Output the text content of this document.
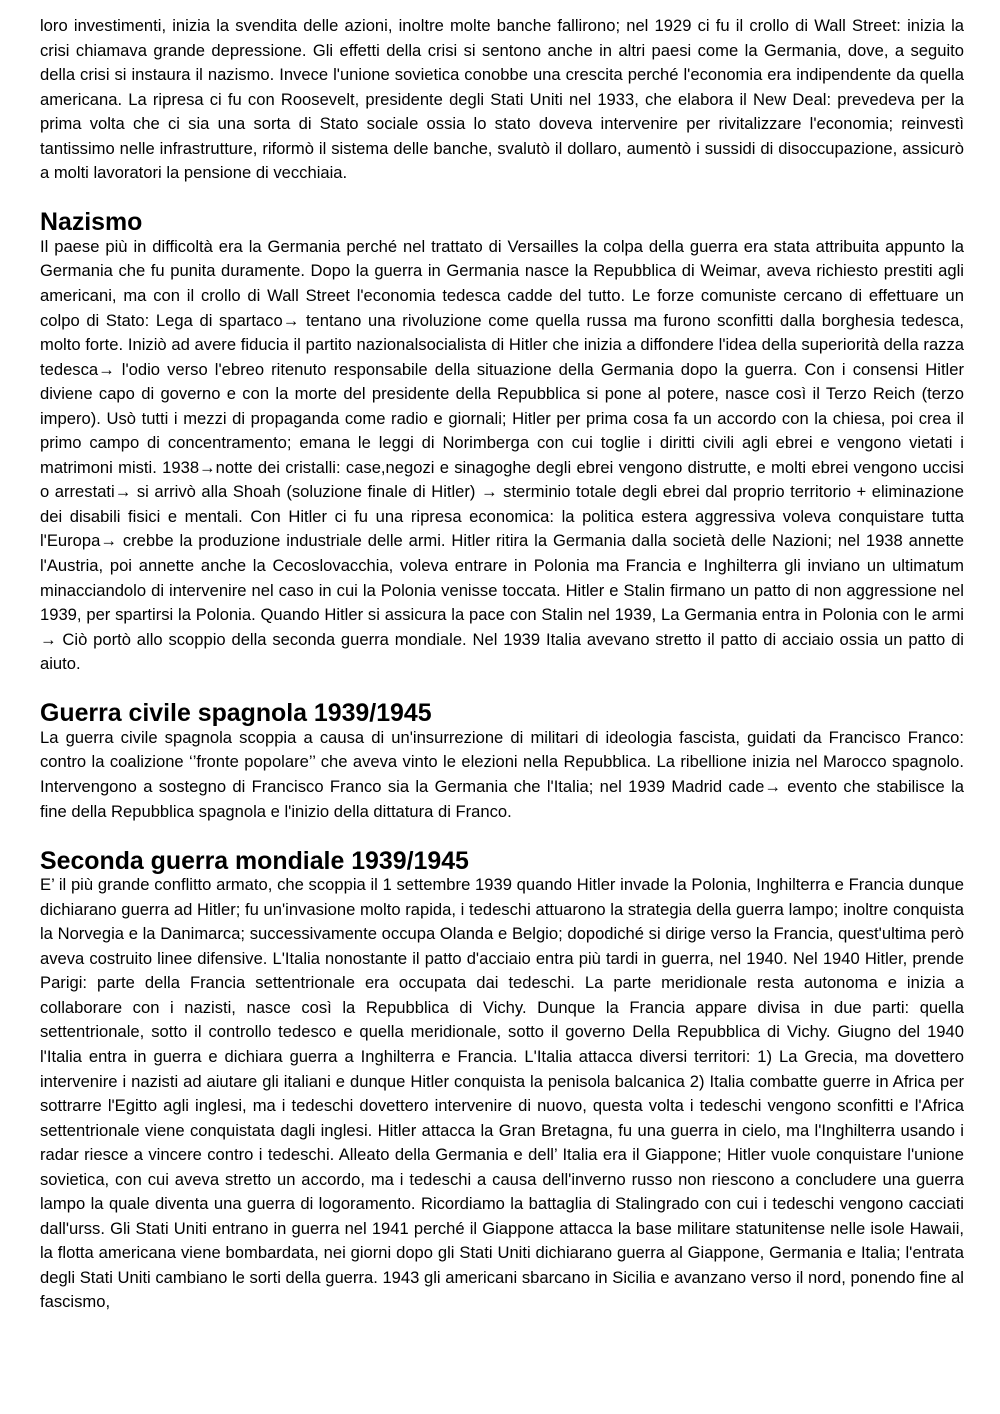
loro investimenti, inizia la svendita delle azioni, inoltre molte banche fallirono; nel 1929 ci fu il crollo di Wall Street: inizia la crisi chiamava grande depressione. Gli effetti della crisi si sentono anche in altri paesi come la Germania, dove, a seguito della crisi si instaura il nazismo. Invece l'unione sovietica conobbe una crescita perché l'economia era indipendente da quella americana. La ripresa ci fu con Roosevelt, presidente degli Stati Uniti nel 1933, che elabora il New Deal: prevedeva per la prima volta che ci sia una sorta di Stato sociale ossia lo stato doveva intervenire per rivitalizzare l'economia; reinvestì tantissimo nelle infrastrutture, riformò il sistema delle banche, svalutò il dollaro, aumentò i sussidi di disoccupazione, assicurò a molti lavoratori la pensione di vecchiaia.

Nazismo

Il paese più in difficoltà era la Germania perché nel trattato di Versailles la colpa della guerra era stata attribuita appunto la Germania che fu punita duramente. Dopo la guerra in Germania nasce la Repubblica di Weimar, aveva richiesto prestiti agli americani, ma con il crollo di Wall Street l'economia tedesca cadde del tutto. Le forze comuniste cercano di effettuare un colpo di Stato: Lega di spartaco→ tentano una rivoluzione come quella russa ma furono sconfitti dalla borghesia tedesca, molto forte. Iniziò ad avere fiducia il partito nazionalsocialista di Hitler che inizia a diffondere l'idea della superiorità della razza tedesca→ l'odio verso l'ebreo ritenuto responsabile della situazione della Germania dopo la guerra. Con i consensi Hitler diviene capo di governo e con la morte del presidente della Repubblica si pone al potere, nasce così il Terzo Reich (terzo impero). Usò tutti i mezzi di propaganda come radio e giornali; Hitler per prima cosa fa un accordo con la chiesa, poi crea il primo campo di concentramento; emana le leggi di Norimberga con cui toglie i diritti civili agli ebrei e vengono vietati i matrimoni misti. 1938→notte dei cristalli: case,negozi e sinagoghe degli ebrei vengono distrutte, e molti ebrei vengono uccisi o arrestati→ si arrivò alla Shoah (soluzione finale di Hitler) → sterminio totale degli ebrei dal proprio territorio + eliminazione dei disabili fisici e mentali. Con Hitler ci fu una ripresa economica: la politica estera aggressiva voleva conquistare tutta l'Europa→ crebbe la produzione industriale delle armi. Hitler ritira la Germania dalla società delle Nazioni; nel 1938 annette l'Austria, poi annette anche la Cecoslovacchia, voleva entrare in Polonia ma Francia e Inghilterra gli inviano un ultimatum minacciandolo di intervenire nel caso in cui la Polonia venisse toccata. Hitler e Stalin firmano un patto di non aggressione nel 1939, per spartirsi la Polonia. Quando Hitler si assicura la pace con Stalin nel 1939, La Germania entra in Polonia con le armi → Ciò portò allo scoppio della seconda guerra mondiale. Nel 1939 Italia avevano stretto il patto di acciaio ossia un patto di aiuto.

Guerra civile spagnola 1939/1945

La guerra civile spagnola scoppia a causa di un'insurrezione di militari di ideologia fascista, guidati da Francisco Franco: contro la coalizione ‘’fronte popolare’’ che aveva vinto le elezioni nella Repubblica. La ribellione inizia nel Marocco spagnolo. Intervengono a sostegno di Francisco Franco sia la Germania che l'Italia; nel 1939 Madrid cade→ evento che stabilisce la fine della Repubblica spagnola e l'inizio della dittatura di Franco.

Seconda guerra mondiale 1939/1945

E’ il più grande conflitto armato, che scoppia il 1 settembre 1939 quando Hitler invade la Polonia, Inghilterra e Francia dunque dichiarano guerra ad Hitler; fu un'invasione molto rapida, i tedeschi attuarono la strategia della guerra lampo; inoltre conquista la Norvegia e la Danimarca; successivamente occupa Olanda e Belgio; dopodiché si dirige verso la Francia, quest'ultima però aveva costruito linee difensive. L'Italia nonostante il patto d'acciaio entra più tardi in guerra, nel 1940. Nel 1940 Hitler, prende Parigi: parte della Francia settentrionale era occupata dai tedeschi. La parte meridionale resta autonoma e inizia a collaborare con i nazisti, nasce così la Repubblica di Vichy. Dunque la Francia appare divisa in due parti: quella settentrionale, sotto il controllo tedesco e quella meridionale, sotto il governo Della Repubblica di Vichy. Giugno del 1940 l'Italia entra in guerra e dichiara guerra a Inghilterra e Francia. L'Italia attacca diversi territori: 1) La Grecia, ma dovettero intervenire i nazisti ad aiutare gli italiani e dunque Hitler conquista la penisola balcanica 2) Italia combatte guerre in Africa per sottrarre l'Egitto agli inglesi, ma i tedeschi dovettero intervenire di nuovo, questa volta i tedeschi vengono sconfitti e l'Africa settentrionale viene conquistata dagli inglesi. Hitler attacca la Gran Bretagna, fu una guerra in cielo, ma l'Inghilterra usando i radar riesce a vincere contro i tedeschi. Alleato della Germania e dell’ Italia era il Giappone; Hitler vuole conquistare l'unione sovietica, con cui aveva stretto un accordo, ma i tedeschi a causa dell'inverno russo non riescono a concludere una guerra lampo la quale diventa una guerra di logoramento. Ricordiamo la battaglia di Stalingrado con cui i tedeschi vengono cacciati dall'urss. Gli Stati Uniti entrano in guerra nel 1941 perché il Giappone attacca la base militare statunitense nelle isole Hawaii, la flotta americana viene bombardata, nei giorni dopo gli Stati Uniti dichiarano guerra al Giappone, Germania e Italia; l'entrata degli Stati Uniti cambiano le sorti della guerra. 1943 gli americani sbarcano in Sicilia e avanzano verso il nord, ponendo fine al fascismo,
